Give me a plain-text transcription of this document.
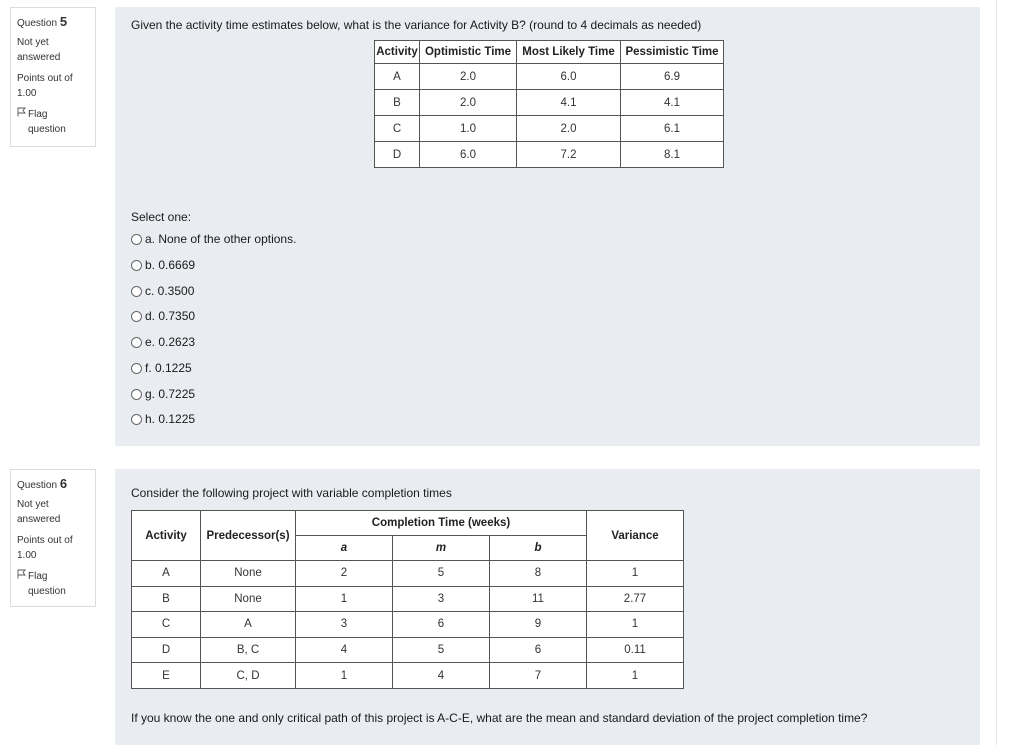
Question 5
Not yet
answered
Points out of
1.00
Flag
question
Given the activity time estimates below, what is the variance for Activity B? (round to 4 decimals as needed)
Activity	Optimistic Time	Most Likely Time	Pessimistic Time
A	2.0	6.0	6.9
B	2.0	4.1	4.1
C	1.0	2.0	6.1
D	6.0	7.2	8.1
Select one:
a. None of the other options.
b. 0.6669
c. 0.3500
d. 0.7350
e. 0.2623
f. 0.1225
g. 0.7225
h. 0.1225
Question 6
Not yet
answered
Points out of
1.00
Flag
question
Consider the following project with variable completion times
Activity	Predecessor(s)	Completion Time (weeks)			Variance
		a	m	b	
A	None	2	5	8	1
B	None	1	3	11	2.77
C	A	3	6	9	1
D	B, C	4	5	6	0.11
E	C, D	1	4	7	1
If you know the one and only critical path of this project is A-C-E, what are the mean and standard deviation of the project completion time?
